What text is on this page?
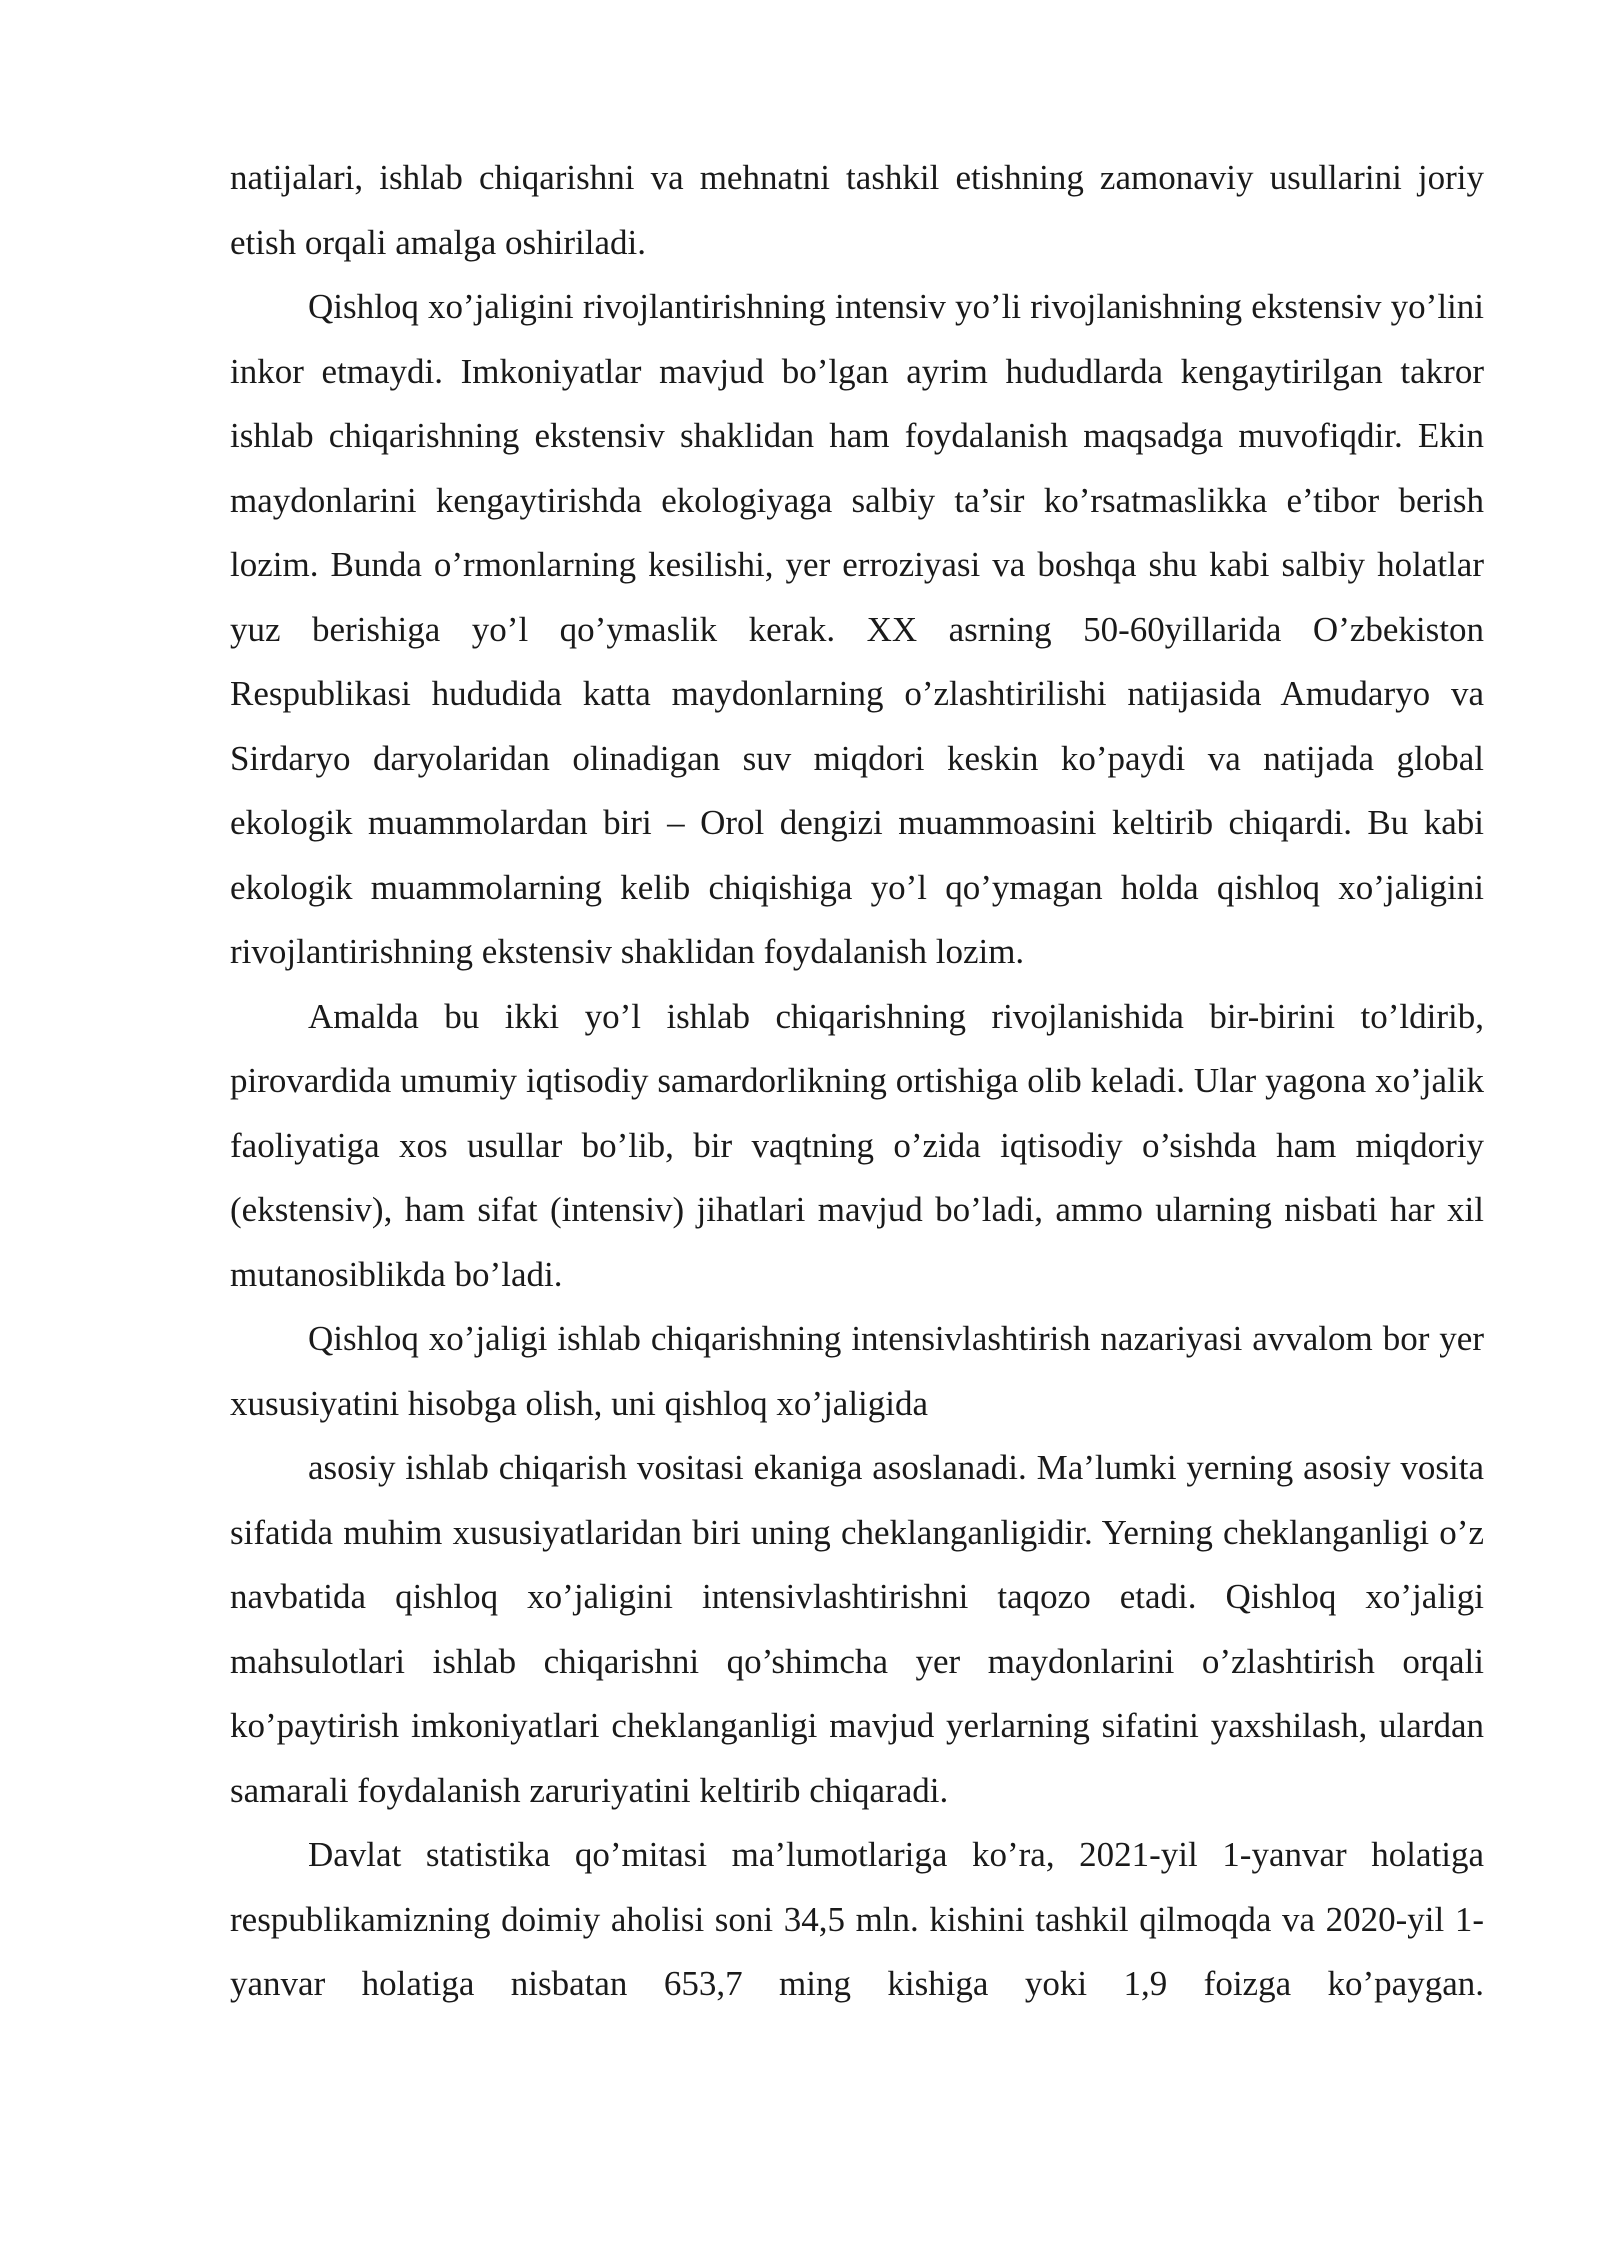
natijalari, ishlab chiqarishni va mehnatni tashkil etishning zamonaviy usullarini joriy etish orqali amalga oshiriladi.

Qishloq xo’jaligini rivojlantirishning intensiv yo’li rivojlanishning ekstensiv yo’lini inkor etmaydi. Imkoniyatlar mavjud bo’lgan ayrim hududlarda kengaytirilgan takror ishlab chiqarishning ekstensiv shaklidan ham foydalanish maqsadga muvofiqdir. Ekin maydonlarini kengaytirishda ekologiyaga salbiy ta’sir ko’rsatmaslikka e’tibor berish lozim. Bunda o’rmonlarning kesilishi, yer erroziyasi va boshqa shu kabi salbiy holatlar yuz berishiga yo’l qo’ymaslik kerak. XX asrning 50-60yillarida O’zbekiston Respublikasi hududida katta maydonlarning o’zlashtirilishi natijasida Amudaryo va Sirdaryo daryolaridan olinadigan suv miqdori keskin ko’paydi va natijada global ekologik muammolardan biri – Orol dengizi muammoasini keltirib chiqardi. Bu kabi ekologik muammolarning kelib chiqishiga yo’l qo’ymagan holda qishloq xo’jaligini rivojlantirishning ekstensiv shaklidan foydalanish lozim.

Amalda bu ikki yo’l ishlab chiqarishning rivojlanishida bir-birini to’ldirib, pirovardida umumiy iqtisodiy samardorlikning ortishiga olib keladi. Ular yagona xo’jalik faoliyatiga xos usullar bo’lib, bir vaqtning o’zida iqtisodiy o’sishda ham miqdoriy (ekstensiv), ham sifat (intensiv) jihatlari mavjud bo’ladi, ammo ularning nisbati har xil mutanosiblikda bo’ladi.

Qishloq xo’jaligi ishlab chiqarishning intensivlashtirish nazariyasi avvalom bor yer xususiyatini hisobga olish, uni qishloq xo’jaligida

asosiy ishlab chiqarish vositasi ekaniga asoslanadi. Ma’lumki yerning asosiy vosita sifatida muhim xususiyatlaridan biri uning cheklanganligidir. Yerning cheklanganligi o’z navbatida qishloq xo’jaligini intensivlashtirishni taqozo etadi. Qishloq xo’jaligi mahsulotlari ishlab chiqarishni qo’shimcha yer maydonlarini o’zlashtirish orqali ko’paytirish imkoniyatlari cheklanganligi mavjud yerlarning sifatini yaxshilash, ulardan samarali foydalanish zaruriyatini keltirib chiqaradi.

Davlat statistika qo’mitasi ma’lumotlariga ko’ra, 2021-yil 1-yanvar holatiga respublikamizning doimiy aholisi soni 34,5 mln. kishini tashkil qilmoqda va 2020-yil 1-yanvar holatiga nisbatan 653,7 ming kishiga yoki 1,9 foizga ko’paygan.
